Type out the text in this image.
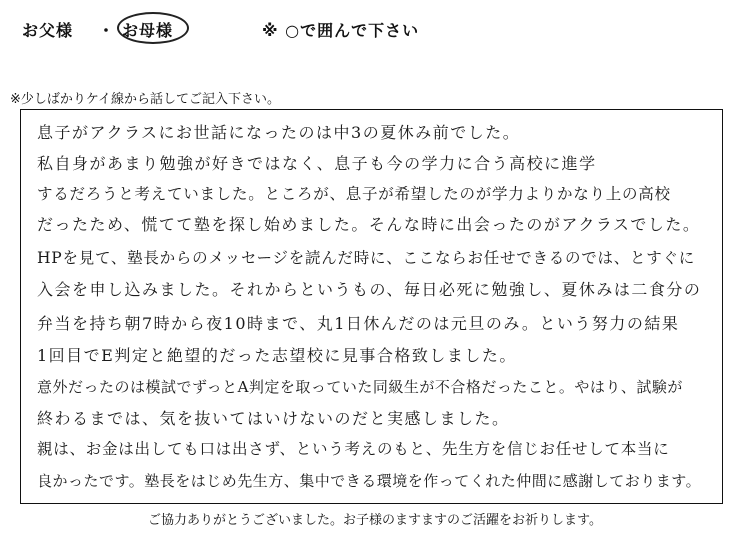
お父様 ・ お母様	※ ○で囲んで下さい
※少しばかりケイ線から話してご記入下さい。
息子がアクラスにお世話になったのは中3の夏休み前でした。
私自身があまり勉強が好きではなく、息子も今の学力に合う高校に進学
するだろうと考えていました。ところが、息子が希望したのが学力よりかなり上の高校
だったため、慌てて塾を探し始めました。そんな時に出会ったのがアクラスでした。
HPを見て、塾長からのメッセージを読んだ時に、ここならお任せできるのでは、とすぐに
入会を申し込みました。それからというもの、毎日必死に勉強し、夏休みは二食分の
弁当を持ち朝7時から夜10時まで、丸1日休んだのは元旦のみ。という努力の結果
1回目でE判定と絶望的だった志望校に見事合格致しました。
意外だったのは模試でずっとA判定を取っていた同級生が不合格だったこと。やはり、試験が
終わるまでは、気を抜いてはいけないのだと実感しました。
親は、お金は出しても口は出さず、という考えのもと、先生方を信じお任せして本当に
良かったです。塾長をはじめ先生方、集中できる環境を作ってくれた仲間に感謝しております。
ご協力ありがとうございました。お子様のますますのご活躍をお祈りします。
